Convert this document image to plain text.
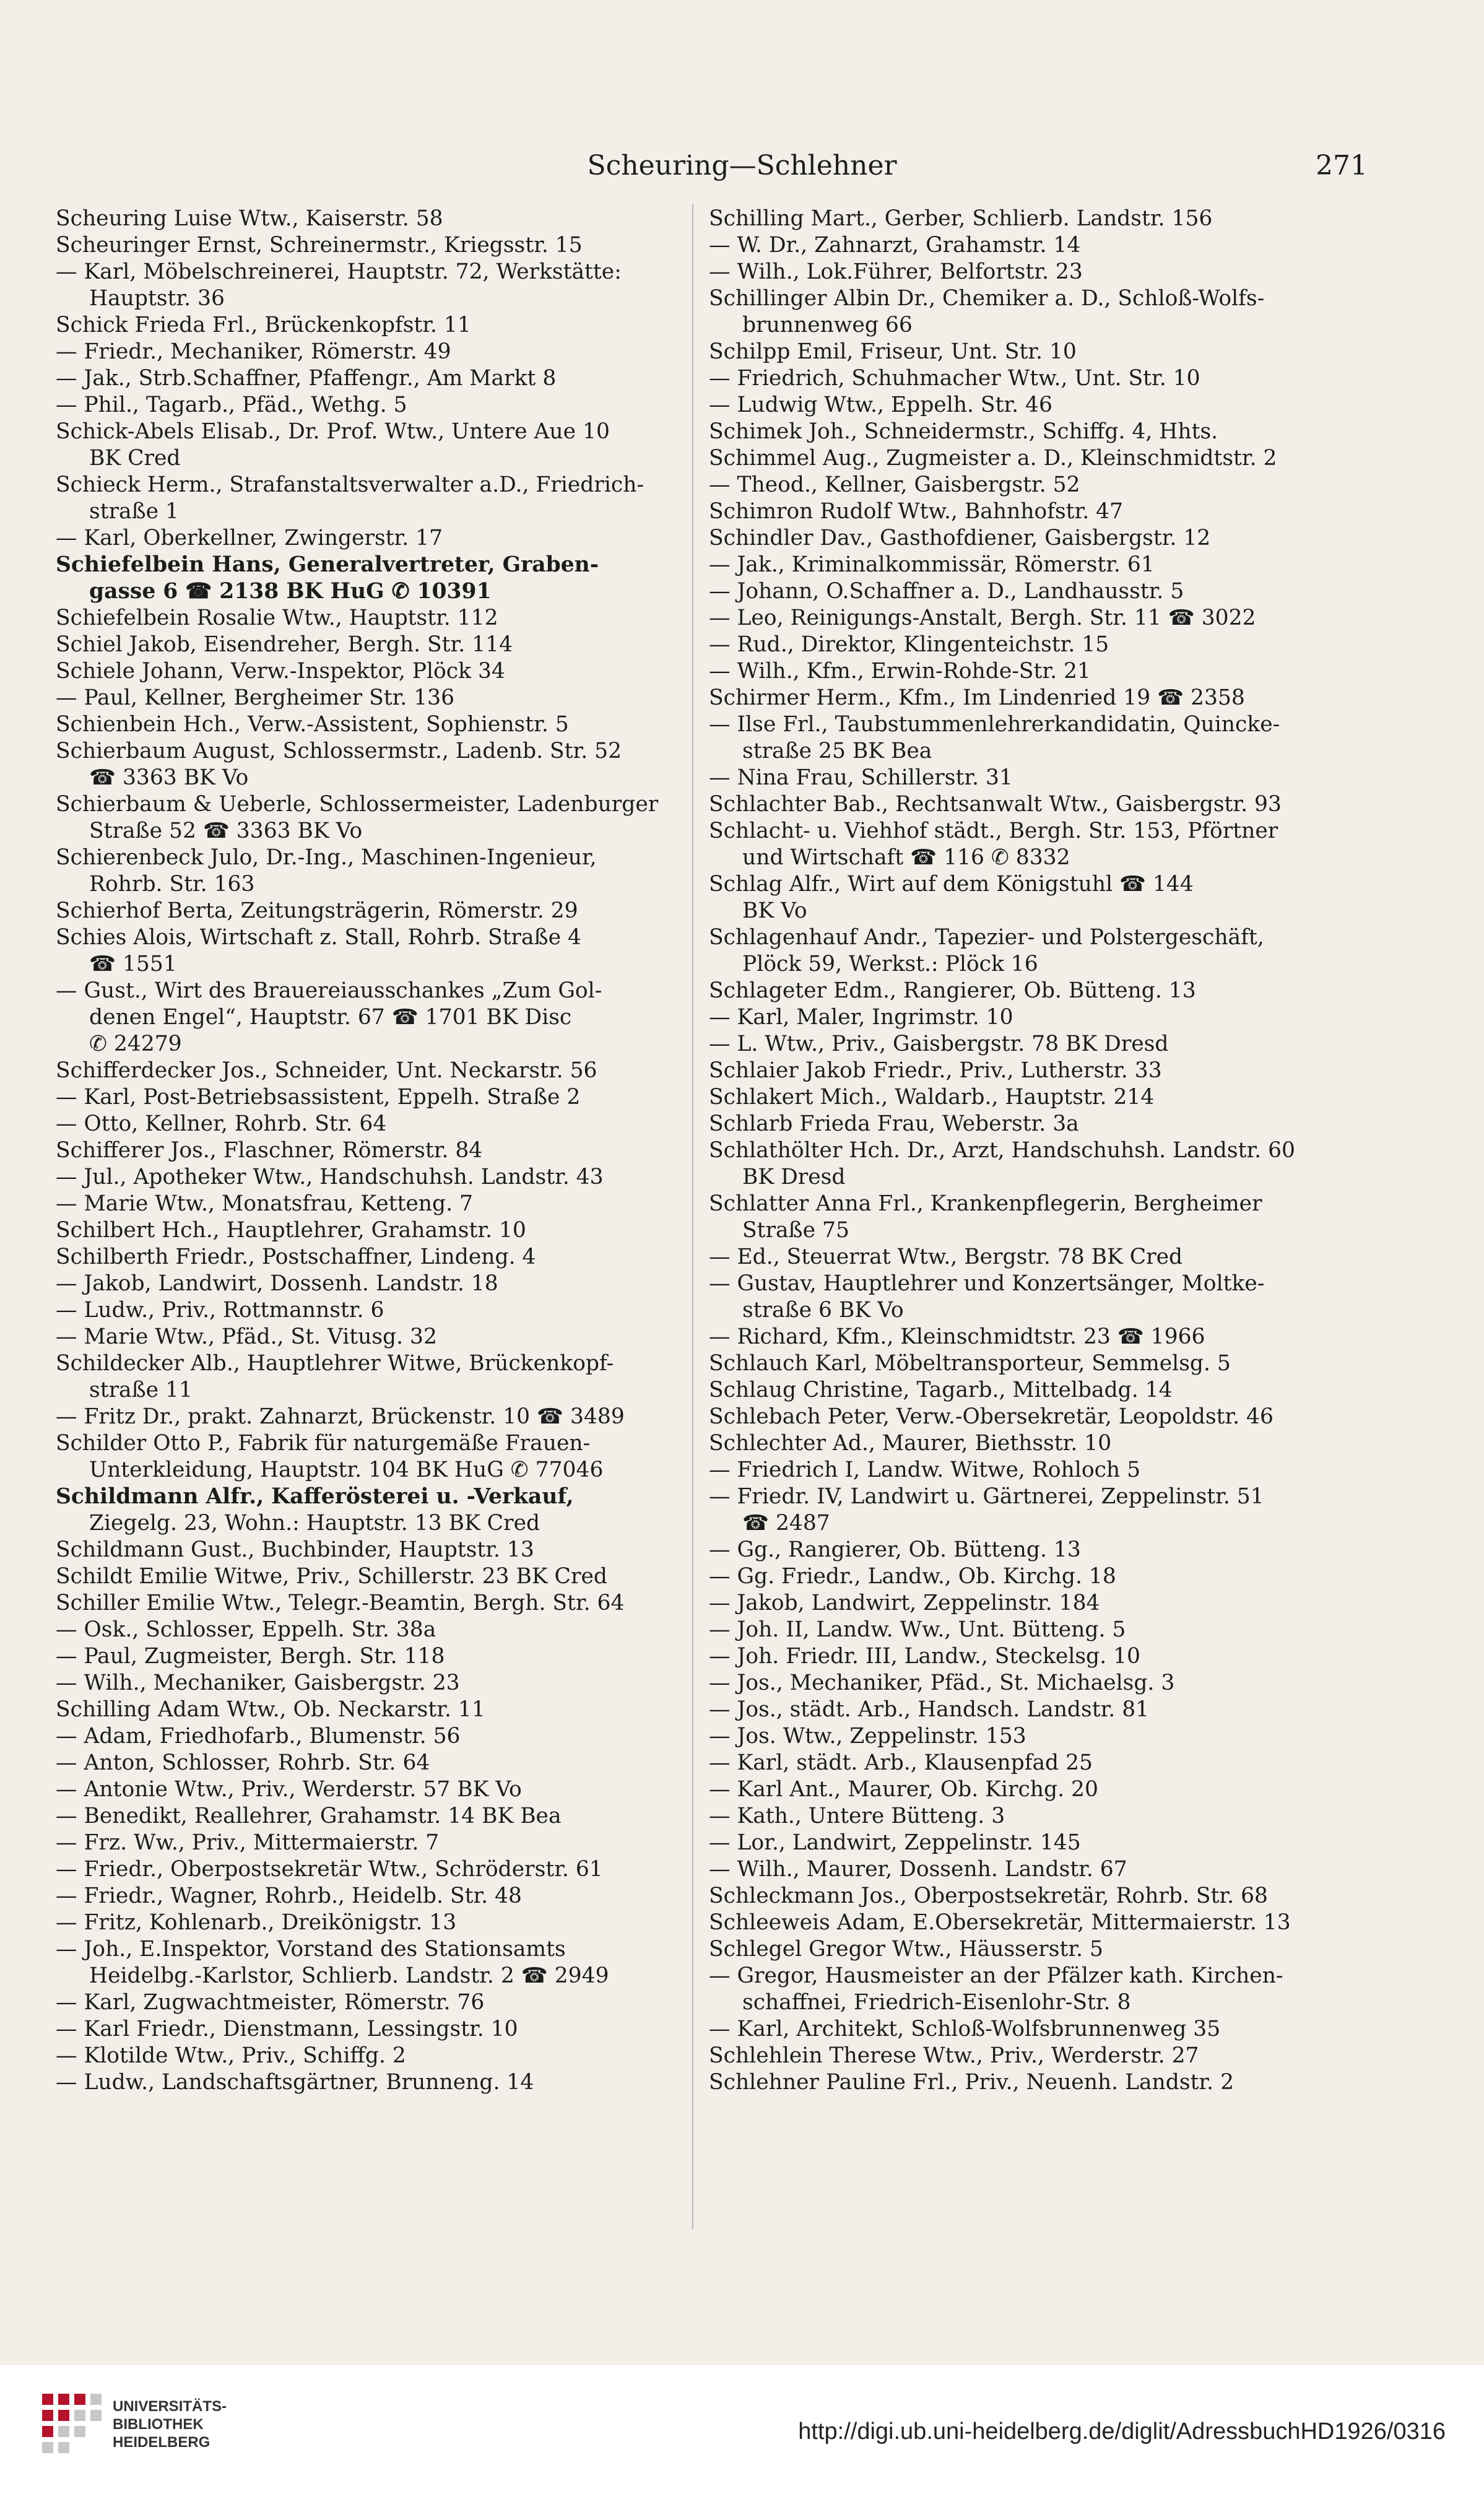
Scheuring—Schlehner	271
Scheuring Luise Wtw., Kaiserstr. 58
Scheuringer Ernst, Schreinermstr., Kriegsstr. 15
— Karl, Möbelschreinerei, Hauptstr. 72, Werkstätte:
Hauptstr. 36
Schick Frieda Frl., Brückenkopfstr. 11
— Friedr., Mechaniker, Römerstr. 49
— Jak., Strb.Schaffner, Pfaffengr., Am Markt 8
— Phil., Tagarb., Pfäd., Wethg. 5
Schick-Abels Elisab., Dr. Prof. Wtw., Untere Aue 10
BK Cred
Schieck Herm., Strafanstaltsverwalter a.D., Friedrich-
straße 1
— Karl, Oberkellner, Zwingerstr. 17
Schiefelbein Hans, Generalvertreter, Graben-
gasse 6 ☎ 2138 BK HuG ✆ 10391
Schiefelbein Rosalie Wtw., Hauptstr. 112
Schiel Jakob, Eisendreher, Bergh. Str. 114
Schiele Johann, Verw.-Inspektor, Plöck 34
— Paul, Kellner, Bergheimer Str. 136
Schienbein Hch., Verw.-Assistent, Sophienstr. 5
Schierbaum August, Schlossermstr., Ladenb. Str. 52
☎ 3363 BK Vo
Schierbaum & Ueberle, Schlossermeister, Ladenburger
Straße 52 ☎ 3363 BK Vo
Schierenbeck Julo, Dr.-Ing., Maschinen-Ingenieur,
Rohrb. Str. 163
Schierhof Berta, Zeitungsträgerin, Römerstr. 29
Schies Alois, Wirtschaft z. Stall, Rohrb. Straße 4
☎ 1551
— Gust., Wirt des Brauereiausschankes „Zum Gol-
denen Engel“, Hauptstr. 67 ☎ 1701 BK Disc
✆ 24279
Schifferdecker Jos., Schneider, Unt. Neckarstr. 56
— Karl, Post-Betriebsassistent, Eppelh. Straße 2
— Otto, Kellner, Rohrb. Str. 64
Schifferer Jos., Flaschner, Römerstr. 84
— Jul., Apotheker Wtw., Handschuhsh. Landstr. 43
— Marie Wtw., Monatsfrau, Ketteng. 7
Schilbert Hch., Hauptlehrer, Grahamstr. 10
Schilberth Friedr., Postschaffner, Lindeng. 4
— Jakob, Landwirt, Dossenh. Landstr. 18
— Ludw., Priv., Rottmannstr. 6
— Marie Wtw., Pfäd., St. Vitusg. 32
Schildecker Alb., Hauptlehrer Witwe, Brückenkopf-
straße 11
— Fritz Dr., prakt. Zahnarzt, Brückenstr. 10 ☎ 3489
Schilder Otto P., Fabrik für naturgemäße Frauen-
Unterkleidung, Hauptstr. 104 BK HuG ✆ 77046
Schildmann Alfr., Kafferösterei u. -Verkauf,
Ziegelg. 23, Wohn.: Hauptstr. 13 BK Cred
Schildmann Gust., Buchbinder, Hauptstr. 13
Schildt Emilie Witwe, Priv., Schillerstr. 23 BK Cred
Schiller Emilie Wtw., Telegr.-Beamtin, Bergh. Str. 64
— Osk., Schlosser, Eppelh. Str. 38a
— Paul, Zugmeister, Bergh. Str. 118
— Wilh., Mechaniker, Gaisbergstr. 23
Schilling Adam Wtw., Ob. Neckarstr. 11
— Adam, Friedhofarb., Blumenstr. 56
— Anton, Schlosser, Rohrb. Str. 64
— Antonie Wtw., Priv., Werderstr. 57 BK Vo
— Benedikt, Reallehrer, Grahamstr. 14 BK Bea
— Frz. Ww., Priv., Mittermaierstr. 7
— Friedr., Oberpostsekretär Wtw., Schröderstr. 61
— Friedr., Wagner, Rohrb., Heidelb. Str. 48
— Fritz, Kohlenarb., Dreikönigstr. 13
— Joh., E.Inspektor, Vorstand des Stationsamts
Heidelbg.-Karlstor, Schlierb. Landstr. 2 ☎ 2949
— Karl, Zugwachtmeister, Römerstr. 76
— Karl Friedr., Dienstmann, Lessingstr. 10
— Klotilde Wtw., Priv., Schiffg. 2
— Ludw., Landschaftsgärtner, Brunneng. 14
Schilling Mart., Gerber, Schlierb. Landstr. 156
— W. Dr., Zahnarzt, Grahamstr. 14
— Wilh., Lok.Führer, Belfortstr. 23
Schillinger Albin Dr., Chemiker a. D., Schloß-Wolfs-
brunnenweg 66
Schilpp Emil, Friseur, Unt. Str. 10
— Friedrich, Schuhmacher Wtw., Unt. Str. 10
— Ludwig Wtw., Eppelh. Str. 46
Schimek Joh., Schneidermstr., Schiffg. 4, Hhts.
Schimmel Aug., Zugmeister a. D., Kleinschmidtstr. 2
— Theod., Kellner, Gaisbergstr. 52
Schimron Rudolf Wtw., Bahnhofstr. 47
Schindler Dav., Gasthofdiener, Gaisbergstr. 12
— Jak., Kriminalkommissär, Römerstr. 61
— Johann, O.Schaffner a. D., Landhausstr. 5
— Leo, Reinigungs-Anstalt, Bergh. Str. 11 ☎ 3022
— Rud., Direktor, Klingenteichstr. 15
— Wilh., Kfm., Erwin-Rohde-Str. 21
Schirmer Herm., Kfm., Im Lindenried 19 ☎ 2358
— Ilse Frl., Taubstummenlehrerkandidatin, Quincke-
straße 25 BK Bea
— Nina Frau, Schillerstr. 31
Schlachter Bab., Rechtsanwalt Wtw., Gaisbergstr. 93
Schlacht- u. Viehhof städt., Bergh. Str. 153, Pförtner
und Wirtschaft ☎ 116 ✆ 8332
Schlag Alfr., Wirt auf dem Königstuhl ☎ 144
BK Vo
Schlagenhauf Andr., Tapezier- und Polstergeschäft,
Plöck 59, Werkst.: Plöck 16
Schlageter Edm., Rangierer, Ob. Bütteng. 13
— Karl, Maler, Ingrimstr. 10
— L. Wtw., Priv., Gaisbergstr. 78 BK Dresd
Schlaier Jakob Friedr., Priv., Lutherstr. 33
Schlakert Mich., Waldarb., Hauptstr. 214
Schlarb Frieda Frau, Weberstr. 3a
Schlathölter Hch. Dr., Arzt, Handschuhsh. Landstr. 60
BK Dresd
Schlatter Anna Frl., Krankenpflegerin, Bergheimer
Straße 75
— Ed., Steuerrat Wtw., Bergstr. 78 BK Cred
— Gustav, Hauptlehrer und Konzertsänger, Moltke-
straße 6 BK Vo
— Richard, Kfm., Kleinschmidtstr. 23 ☎ 1966
Schlauch Karl, Möbeltransporteur, Semmelsg. 5
Schlaug Christine, Tagarb., Mittelbadg. 14
Schlebach Peter, Verw.-Obersekretär, Leopoldstr. 46
Schlechter Ad., Maurer, Biethsstr. 10
— Friedrich I, Landw. Witwe, Rohloch 5
— Friedr. IV, Landwirt u. Gärtnerei, Zeppelinstr. 51
☎ 2487
— Gg., Rangierer, Ob. Bütteng. 13
— Gg. Friedr., Landw., Ob. Kirchg. 18
— Jakob, Landwirt, Zeppelinstr. 184
— Joh. II, Landw. Ww., Unt. Bütteng. 5
— Joh. Friedr. III, Landw., Steckelsg. 10
— Jos., Mechaniker, Pfäd., St. Michaelsg. 3
— Jos., städt. Arb., Handsch. Landstr. 81
— Jos. Wtw., Zeppelinstr. 153
— Karl, städt. Arb., Klausenpfad 25
— Karl Ant., Maurer, Ob. Kirchg. 20
— Kath., Untere Bütteng. 3
— Lor., Landwirt, Zeppelinstr. 145
— Wilh., Maurer, Dossenh. Landstr. 67
Schleckmann Jos., Oberpostsekretär, Rohrb. Str. 68
Schleeweis Adam, E.Obersekretär, Mittermaierstr. 13
Schlegel Gregor Wtw., Häusserstr. 5
— Gregor, Hausmeister an der Pfälzer kath. Kirchen-
schaffnei, Friedrich-Eisenlohr-Str. 8
— Karl, Architekt, Schloß-Wolfsbrunnenweg 35
Schlehlein Therese Wtw., Priv., Werderstr. 27
Schlehner Pauline Frl., Priv., Neuenh. Landstr. 2
UNIVERSITÄTS-
BIBLIOTHEK
HEIDELBERG	http://digi.ub.uni-heidelberg.de/diglit/AdressbuchHD1926/0316
